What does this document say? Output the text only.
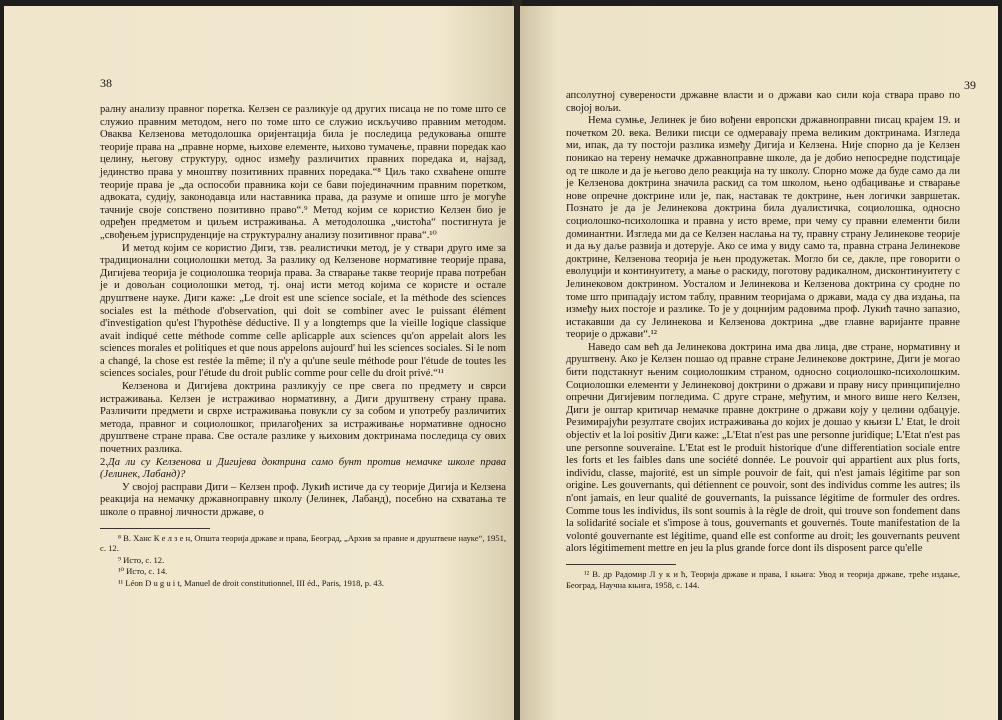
38

ралну анализу правног поретка. Келзен се разликује од других писаца не по томе што се служио правним методом, него по томе што се служио искључиво правним методом. Оваква Келзенова методолошка оријентација била је последица редуковања опште теорије права на „правне норме, њихове елементе, њихово тумачење, правни поредак као целину, његову структуру, однос између различитих правних поредака и, најзад, јединство права у мноштву позитивних правних поредака.“⁸ Циљ тако схваћене опште теорије права је „да оспособи правника који се бави појединачним правним поретком, адвоката, судију, законодавца или наставника права, да разуме и опише што је могуће тачније своје сопствено позитивно право“.⁹ Метод којим се користио Келзен био је одређен предметом и циљем истраживања. А методолошка „чистоћа“ постигнута је „свођењем јуриспруденције на структуралну анализу позитивног права“.¹⁰

И метод којим се користио Диги, тзв. реалистички метод, је у ствари друго име за традиционални социолошки метод. За разлику од Келзенове нормативне теорије права, Дигијева теорија је социолошка теорија права. За стварање такве теорије права потребан је и довољан социолошки метод, тј. онај исти метод којима се користе и остале друштвене науке. Диги каже: „Le droit est une science sociale, et la méthode des sciences sociales est la méthode d'observation, qui doit se combiner avec le puissant élément d'investigation qu'est l'hypothèse déductive. Il y a longtemps que la vieille logique classique avait indiqué cette méthode comme celle aplicapple aux sciences qu'on appelait alors les sciences morales et politiques et que nous appelons aujourd' hui les sciences sociales. Si le nom a changé, la chose est restée la même; il n'y a qu'une seule méthode pour l'étude de toutes les sciences sociales, pour l'étude du droit public comme pour celle du droit privé.“¹¹

Келзенова и Дигијева доктрина разликују се пре свега по предмету и сврси истраживања. Келзен је истраживао нормативну, а Диги друштвену страну права. Различити предмети и сврхе истраживања повукли су за собом и употребу различитих метода, правног и социолошког, прилагођених за истраживање нормативне односно друштвене стране права. Све остале разлике у њиховим доктринама последица су ових почетних разлика.

2.Да ли су Келзенова и Дигијева доктрина само бунт против немачке школе права (Јелинек, Лабанд)?

У својој расправи Диги – Келзен проф. Лукић истиче да су теорије Дигија и Келзена реакција на немачку државноправну школу (Јелинек, Лабанд), посебно на схватања те школе о правној личности државе, о

⁸ В. Ханс К е л з е н, Општа теорија државе и права, Београд, „Архив за правне и друштвене науке“, 1951, с. 12.

⁹ Исто, с. 12.

¹⁰ Исто, с. 14.

¹¹ Léon D u g u i t, Manuel de droit constitutionnel, III éd., Paris, 1918, p. 43.

39

апсолутној суверености државне власти и о држави као сили која ствара право по својој вољи.

Нема сумње, Јелинек је био вођени европски државноправни писац крајем 19. и почетком 20. века. Велики писци се одмеравају према великим доктринама. Изгледа ми, ипак, да ту постоји разлика између Дигија и Келзена. Није спорно да је Келзен поникао на терену немачке државноправне школе, да је добио непосредне подстицаје од те школе и да је његово дело реакција на ту школу. Спорно може да буде само да ли је Келзенова доктрина значила раскид са том школом, њено одбацивање и стварање нове опречне доктрине или је, пак, наставак те доктрине, њен логички завршетак. Познато је да је Јелинекова доктрина била дуалистичка, социолошка, односно социолошко-психолошка и правна у исто време, при чему су правни елементи били доминантни. Изгледа ми да се Келзен наслања на ту, правну страну Јелинекове теорије и да њу даље развија и дотерује. Ако се има у виду само та, правна страна Јелинекове доктрине, Келзенова теорија је њен продужетак. Могло би се, дакле, пре говорити о еволуцији и континуитету, а мање о раскиду, поготову радикалном, дисконтинуитету с Јелинековом доктрином. Уосталом и Јелинекова и Келзенова доктрина су сродне по томе што припадају истом таблу, правним теоријама о држави, мада су два издања, па између њих постоје и разлике. То је у доцнијим радовима проф. Лукић тачно запазио, истакавши да су Јелинекова и Келзенова доктрина „две главне варијанте правне теорије о држави“.¹²

Наведо сам већ да Јелинекова доктрина има два лица, две стране, нормативну и друштвену. Ако је Келзен пошао од правне стране Јелинекове доктрине, Диги је могао бити подстакнут њеним социолошким страном, односно социолошко-психолошким. Социолошки елементи у Јелинековој доктрини о држави и праву нису принципијелно опречни Дигијевим погледима. С друге стране, међутим, и много више него Келзен, Диги је оштар критичар немачке правне доктрине о држави коју у целини одбацује. Резимирајући резултате својих истраживања до којих је дошао у књизи L' Etat, le droit objectiv et la loi positiv Диги каже: „L'Etat n'est pas une personne juridique; L'Etat n'est pas une personne souveraine. L'Etat est le produit historique d'une differentiation sociale entre les forts et les faibles dans une société donnée. Le pouvoir qui appartient aux plus forts, individu, classe, majorité, est un simple pouvoir de fait, qui n'est jamais légitime par son origine. Les gouvernants, qui détiennent ce pouvoir, sont des individus comme les autres; ils n'ont jamais, en leur qualité de gouvernants, la puissance légitime de formuler des ordres. Comme tous les individus, ils sont soumis à la règle de droit, qui trouve son fondement dans la solidarité sociale et s'impose à tous, gouvernants et gouvernés. Toute manifestation de la volonté gouvernante est légitime, quand elle est conforme au droit; les gouvernants peuvent alors légitimement mettre en jeu la plus grande force dont ils disposent parce qu'elle

¹² В. др Радомир Л у к и ћ, Теорија државе и права, I књига: Увод и теорија државе, треће издање, Београд, Научна књига, 1958, с. 144.
